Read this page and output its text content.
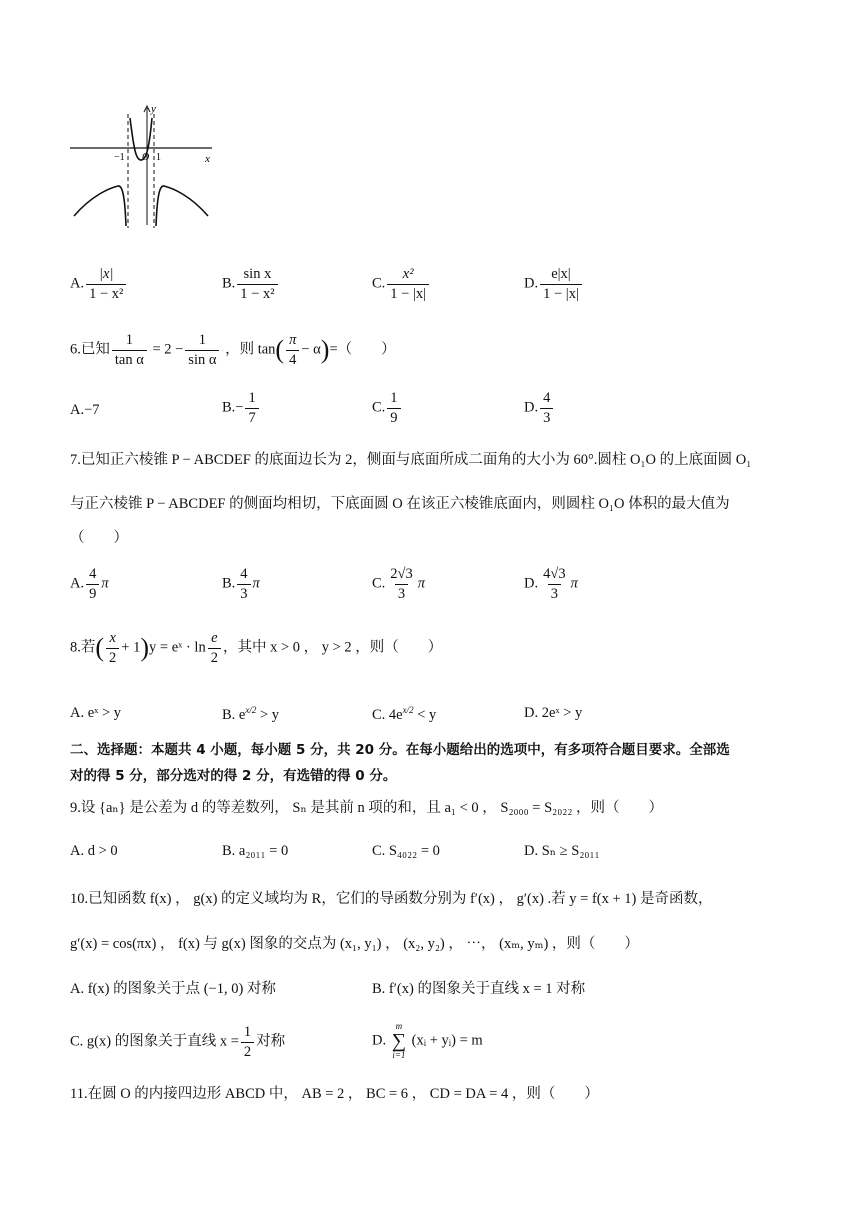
−1 O 1	x
y
A. $\frac{|x|}{\text{1 − x²}}$	B. $\frac{\text{sin x}}{\text{1 − x²}}$	C. $\frac{\text{x²}}{1 - |x|}$	D. $\frac{e|x|}{1 - |x|}$
6.已知 $\frac{1}{\text{tan α}} = 2 - \frac{1}{\text{sin α}}$ ，则 $\tan( \frac{\pi}{4} - \alpha)=$（　　）
A.−7	$B.- \frac{1}{7}$	C. $\frac{1}{9}$	D. $\frac{4}{3}$
7.已知正六棱锥 P − ABCDEF 的底面边长为 2，侧面与底面所成二面角的大小为 60°.圆柱 O₁O 的上底面圆 O₁
与正六棱锥 P − ABCDEF 的侧面均相切，下底面圆 O 在该正六棱锥底面内，则圆柱 O₁O 体积的最大值为
（　　）
A. $\frac{4}{9}$ π	B. $\frac{4}{3}$ π	C. $\frac{2√3}{3}$ π	D. $\frac{4√3}{3}$ π
8.若( $\frac{x}{2} + 1)y$ = eˣ · $\ln \frac{e}{2}$ ，其中 x > 0 ， y > 2 ，则（　　）
A. eˣ > y	B. $e^{x/2} > y$	C. $4e^{x/2} < y$	D. 2eˣ > y
二、选择题：本题共 4 小题，每小题 5 分，共 20 分。在每小题给出的选项中，有多项符合题目要求。全部选
对的得 5 分，部分选对的得 2 分，有选错的得 0 分。
9.设 {aₙ} 是公差为 d 的等差数列， Sₙ 是其前 n 项的和，且 a₁ < 0 ， S₂₀₀₀ = S₂₀₂₂ ，则（　　）
A. d > 0	B. a₂₀₁₁ = 0	C. S₄₀₂₂ = 0	D. Sₙ ≥ S₂₀₁₁
10.已知函数 f(x) ， g(x) 的定义域均为 R，它们的导函数分别为 f′(x) ， g′(x) .若 y = f(x + 1) 是奇函数，
g′(x) = cos(πx) ， f(x) 与 g(x) 图象的交点为 (x₁, y₁) ， (x₂, y₂) ， ⋯， (xₘ, yₘ) ，则（　　）
A. f(x) 的图象关于点 (−1, 0) 对称	B. f′(x) 的图象关于直线 x = 1 对称
C. g(x) 的图象关于直线 $x = \frac{1}{2}$ 对称	D.
m
∑
i=1
(xᵢ + yᵢ) = m
11.在圆 O 的内接四边形 ABCD 中， AB = 2 ， BC = 6 ， CD = DA = 4 ，则（　　）
